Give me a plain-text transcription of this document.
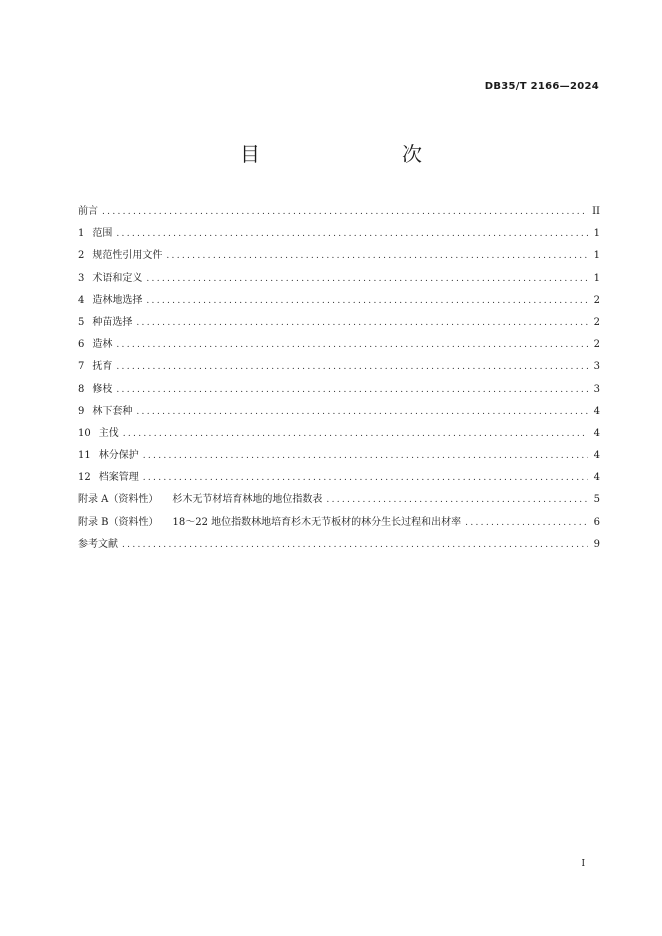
DB35/T 2166—2024
目　　次
前言 .....	II
1 范围 .....	1
2 规范性引用文件 .....	1
3 术语和定义 .....	1
4 造林地选择 .....	2
5 种苗选择 .....	2
6 造林 .....	2
7 抚育 .....	3
8 修枝 .....	3
9 林下套种 .....	4
10 主伐 .....	4
11 林分保护 .....	4
12 档案管理 .....	4
附录 A（资料性） 杉木无节材培育林地的地位指数表 .....	5
附录 B（资料性） 18～22 地位指数林地培育杉木无节板材的林分生长过程和出材率 .....	6
参考文献 .....	9
I
